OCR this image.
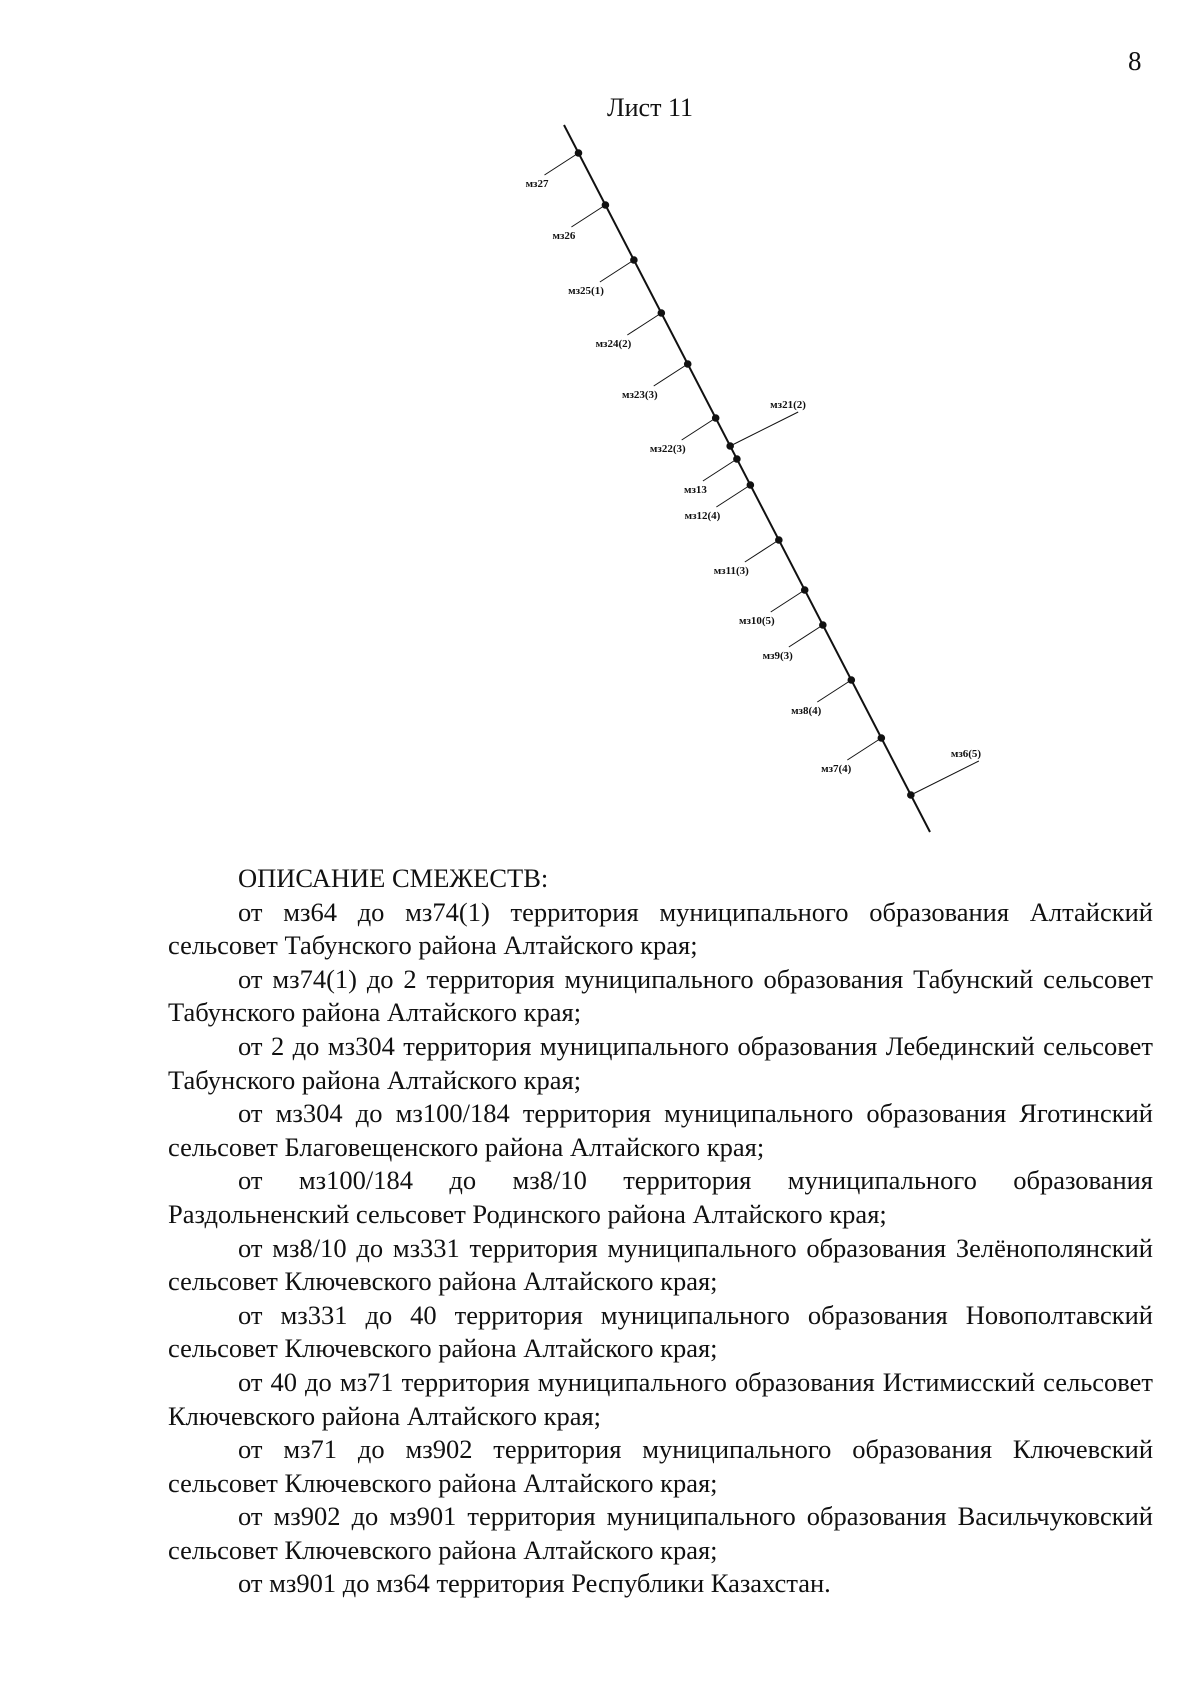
8
Лист 11
мз27
мз26
мз25(1)
мз24(2)
мз23(3)
мз22(3)
мз21(2)
мз13
мз12(4)
мз11(3)
мз10(5)
мз9(3)
мз8(4)
мз7(4)
мз6(5)
ОПИСАНИЕ СМЕЖЕСТВ:

от мз64 до мз74(1) территория муниципального образования Алтайский сельсовет Табунского района Алтайского края;

от мз74(1) до 2 территория муниципального образования Табунский сельсовет Табунского района Алтайского края;

от 2 до мз304 территория муниципального образования Лебединский сельсовет Табунского района Алтайского края;

от мз304 до мз100/184 территория муниципального образования Яготинский сельсовет Благовещенского района Алтайского края;

от мз100/184 до мз8/10 территория муниципального образования Раздольненский сельсовет Родинского района Алтайского края;

от мз8/10 до мз331 территория муниципального образования Зелёнополянский сельсовет Ключевского района Алтайского края;

от мз331 до 40 территория муниципального образования Новополтавский сельсовет Ключевского района Алтайского края;

от 40 до мз71 территория муниципального образования Истимисский сельсовет Ключевского района Алтайского края;

от мз71 до мз902 территория муниципального образования Ключевский сельсовет Ключевского района Алтайского края;

от мз902 до мз901 территория муниципального образования Васильчуковский сельсовет Ключевского района Алтайского края;

от мз901 до мз64 территория Республики Казахстан.
